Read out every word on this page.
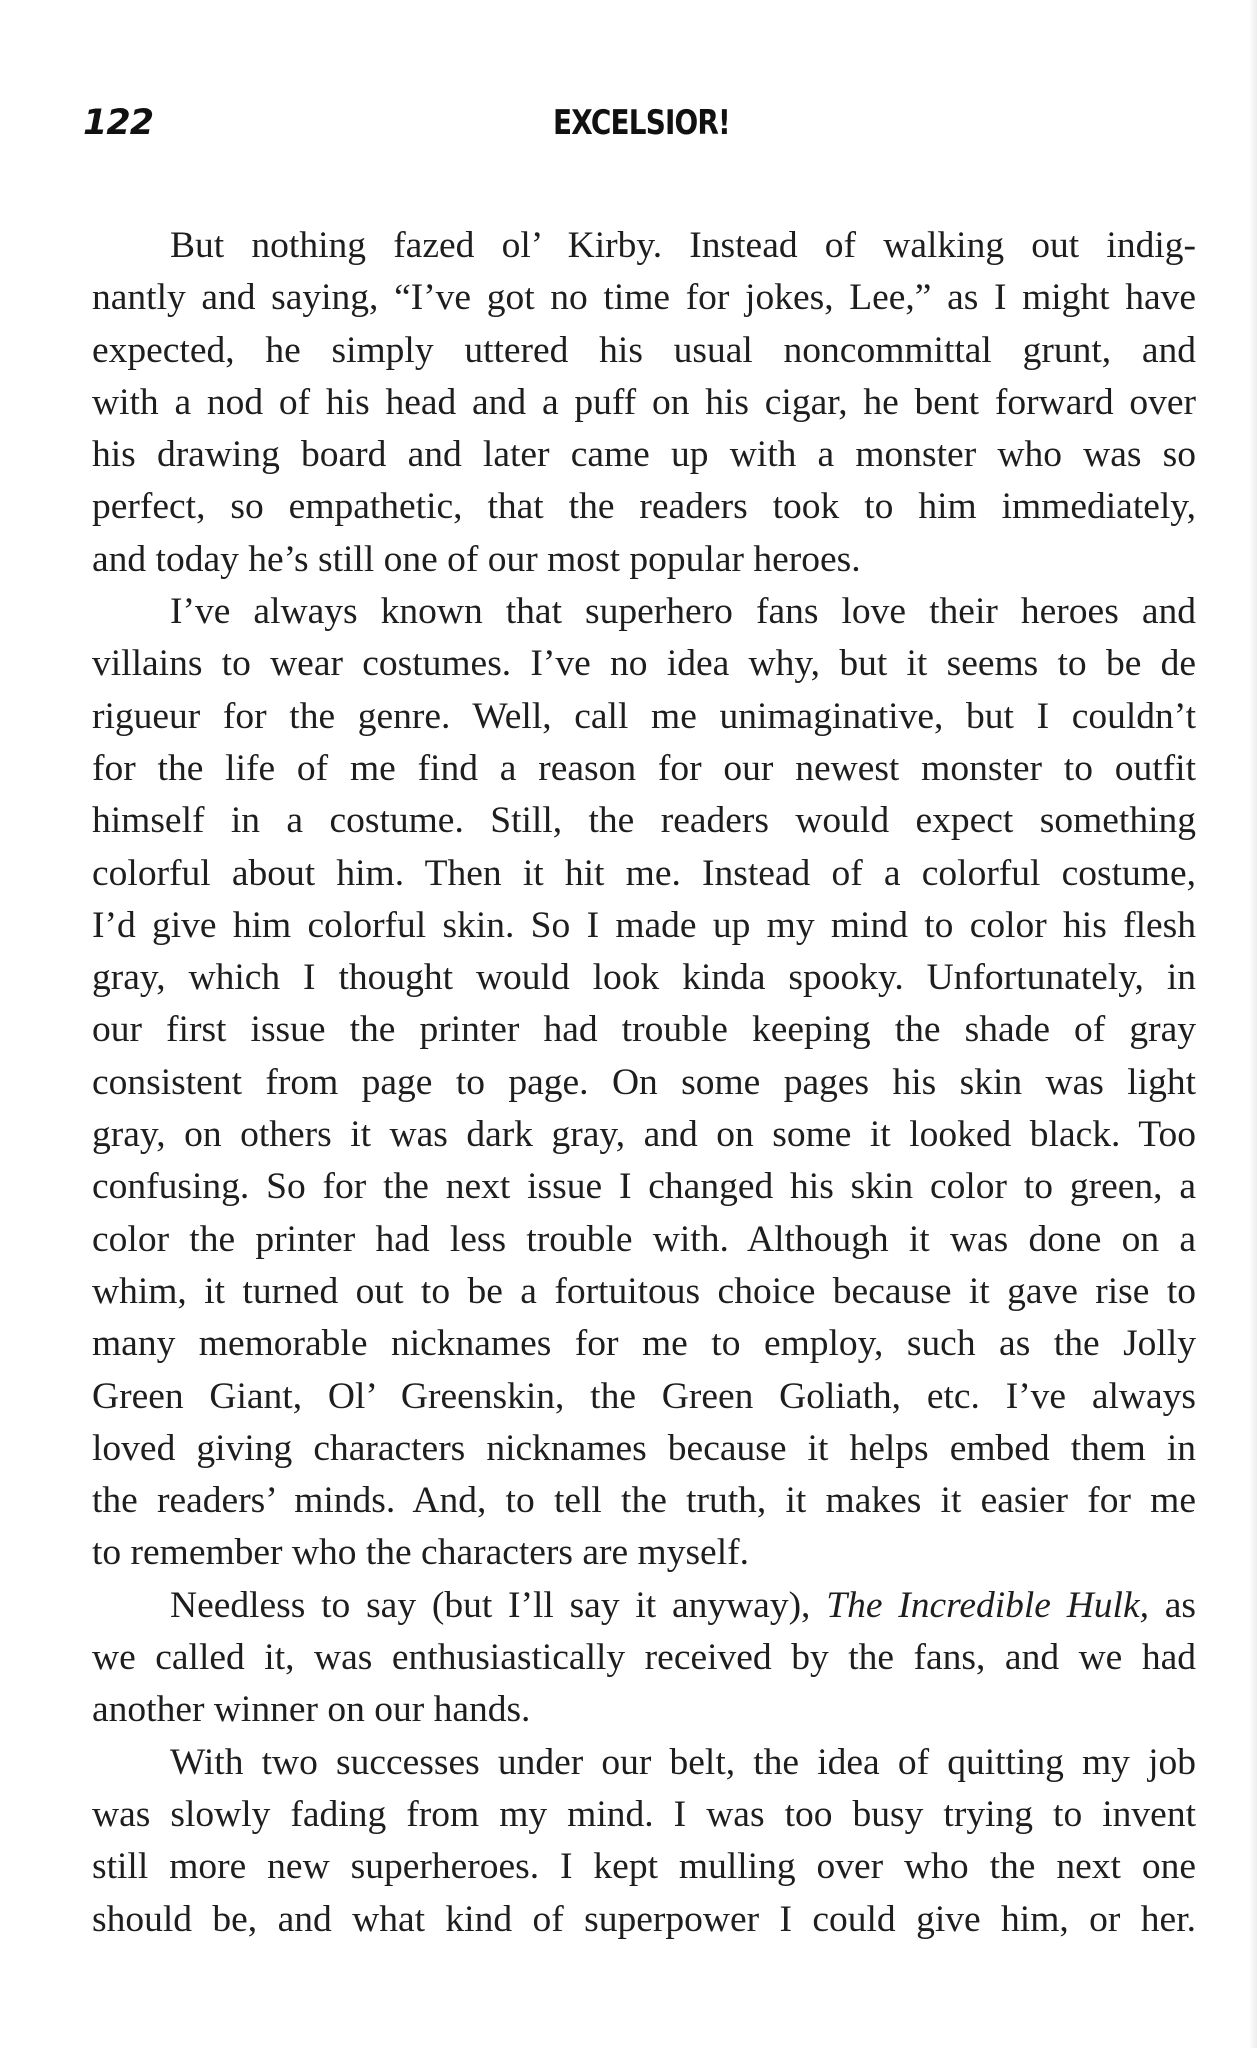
122	EXCELSIOR!
But nothing fazed ol’ Kirby. Instead of walking out indig-
nantly and saying, “I’ve got no time for jokes, Lee,” as I might have
expected, he simply uttered his usual noncommittal grunt, and
with a nod of his head and a puff on his cigar, he bent forward over
his drawing board and later came up with a monster who was so
perfect, so empathetic, that the readers took to him immediately,
and today he’s still one of our most popular heroes.
I’ve always known that superhero fans love their heroes and
villains to wear costumes. I’ve no idea why, but it seems to be de
rigueur for the genre. Well, call me unimaginative, but I couldn’t
for the life of me find a reason for our newest monster to outfit
himself in a costume. Still, the readers would expect something
colorful about him. Then it hit me. Instead of a colorful costume,
I’d give him colorful skin. So I made up my mind to color his flesh
gray, which I thought would look kinda spooky. Unfortunately, in
our first issue the printer had trouble keeping the shade of gray
consistent from page to page. On some pages his skin was light
gray, on others it was dark gray, and on some it looked black. Too
confusing. So for the next issue I changed his skin color to green, a
color the printer had less trouble with. Although it was done on a
whim, it turned out to be a fortuitous choice because it gave rise to
many memorable nicknames for me to employ, such as the Jolly
Green Giant, Ol’ Greenskin, the Green Goliath, etc. I’ve always
loved giving characters nicknames because it helps embed them in
the readers’ minds. And, to tell the truth, it makes it easier for me
to remember who the characters are myself.
Needless to say (but I’ll say it anyway), The Incredible Hulk, as
we called it, was enthusiastically received by the fans, and we had
another winner on our hands.
With two successes under our belt, the idea of quitting my job
was slowly fading from my mind. I was too busy trying to invent
still more new superheroes. I kept mulling over who the next one
should be, and what kind of superpower I could give him, or her.
